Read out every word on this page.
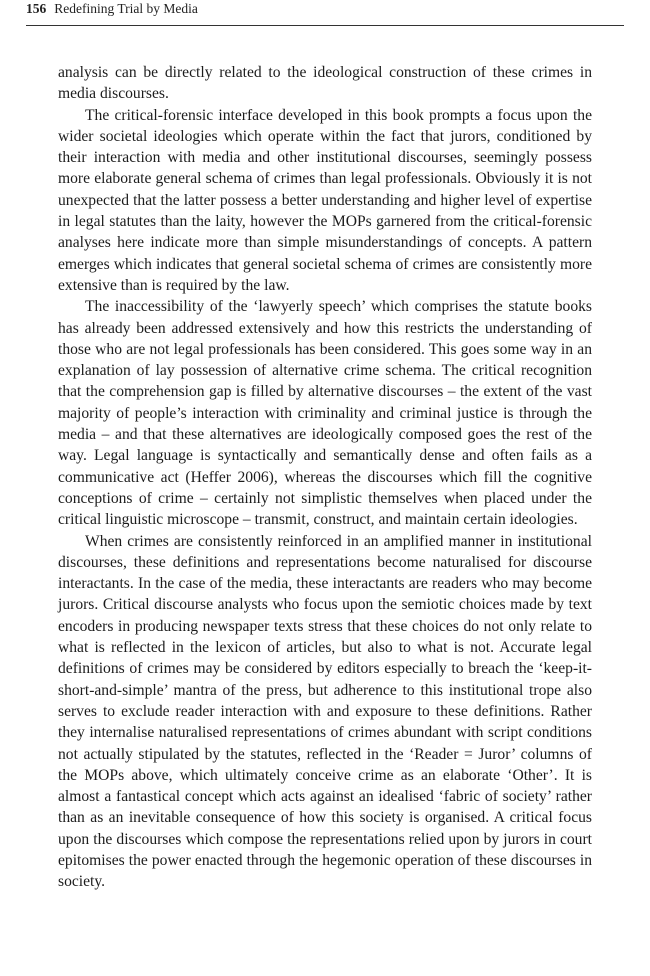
156 Redefining Trial by Media

analysis can be directly related to the ideological construction of these crimes in media discourses.

The critical-forensic interface developed in this book prompts a focus upon the wider societal ideologies which operate within the fact that jurors, conditioned by their interaction with media and other institutional discourses, seemingly possess more elaborate general schema of crimes than legal professionals. Obviously it is not unexpected that the latter possess a better understanding and higher level of expertise in legal statutes than the laity, however the MOPs garnered from the critical-forensic analyses here indicate more than simple misunderstandings of concepts. A pattern emerges which indicates that general societal schema of crimes are consistently more extensive than is required by the law.

The inaccessibility of the ‘lawyerly speech’ which comprises the statute books has already been addressed extensively and how this restricts the understanding of those who are not legal professionals has been considered. This goes some way in an explanation of lay possession of alternative crime schema. The critical recognition that the comprehension gap is filled by alternative discourses – the extent of the vast majority of people’s interaction with criminality and criminal justice is through the media – and that these alternatives are ideologically composed goes the rest of the way. Legal language is syntactically and semantically dense and often fails as a communicative act (Heffer 2006), whereas the discourses which fill the cognitive conceptions of crime – certainly not simplistic themselves when placed under the critical linguistic microscope – transmit, construct, and maintain certain ideologies.

When crimes are consistently reinforced in an amplified manner in institutional discourses, these definitions and representations become naturalised for discourse interactants. In the case of the media, these interactants are readers who may become jurors. Critical discourse analysts who focus upon the semiotic choices made by text encoders in producing newspaper texts stress that these choices do not only relate to what is reflected in the lexicon of articles, but also to what is not. Accurate legal definitions of crimes may be considered by editors especially to breach the ‘keep-it-short-and-simple’ mantra of the press, but adherence to this institutional trope also serves to exclude reader interaction with and exposure to these definitions. Rather they internalise naturalised representations of crimes abundant with script conditions not actually stipulated by the statutes, reflected in the ‘Reader = Juror’ columns of the MOPs above, which ultimately conceive crime as an elaborate ‘Other’. It is almost a fantastical concept which acts against an idealised ‘fabric of society’ rather than as an inevitable consequence of how this society is organised. A critical focus upon the discourses which compose the representations relied upon by jurors in court epitomises the power enacted through the hegemonic operation of these discourses in society.
